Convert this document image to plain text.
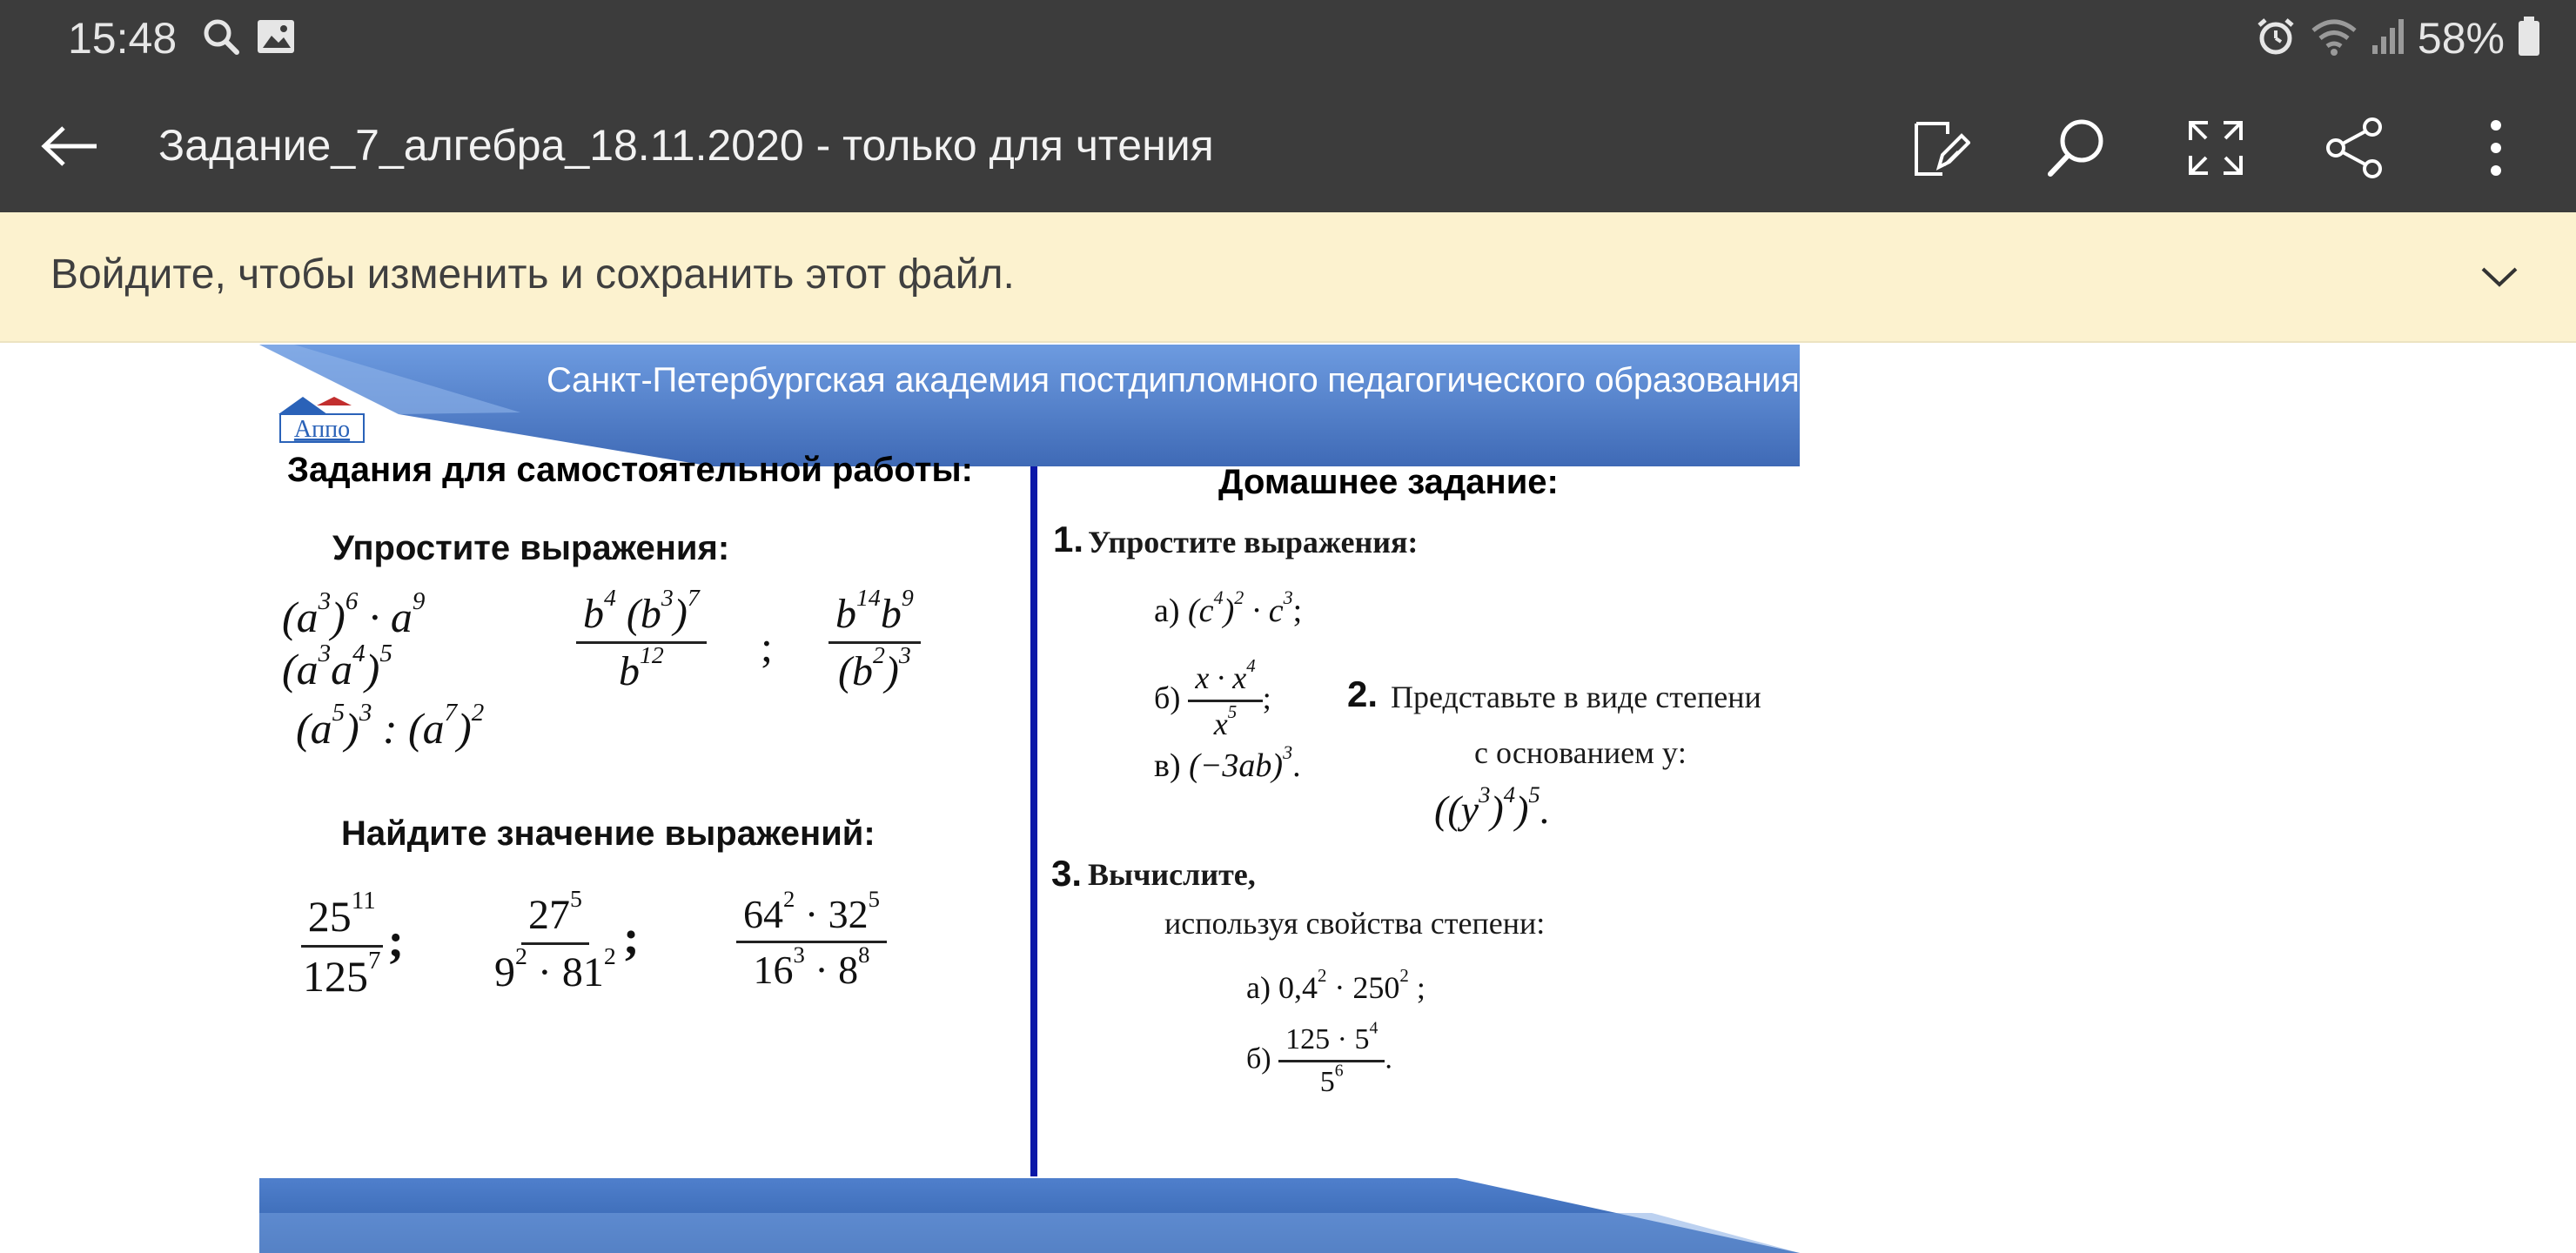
15:48	58%
Задание_7_алгебра_18.11.2020 - только для чтения
Войдите, чтобы изменить и сохранить этот файл.
Санкт-Петербургская академия постдипломного педагогического образования
Аппо
Задания для самостоятельной работы:
Упростите выражения:
$(a^3)^6 \cdot a^9$
$(a^3a^4)^5$
$(a^5)^3$ : $(a^7)^2$
$\frac{b^4 (b^3)^7}{b^{12}}$ ; $\frac{b^{14}b^9}{(b^2)^3}$
Найдите значение выражений:
$\frac{25^{11}}{125^7}$ ; $\frac{27^5}{9^2 \cdot 81^2}$ ; $\frac{64^2 \cdot 32^5}{16^3 \cdot 8^8}$
Домашнее задание:
1. Упростите выражения:
а) $(c^4)^2 \cdot c^3$;
$б) \frac{x \cdot x^4}{x^5}$ ;
в) $(-3ab)^3$.
2. Представьте в виде степени
с основанием y:
$((y^3)^4)^5$.
3. Вычислите,
используя свойства степени:
а) $0,4^2 \cdot 250^2$ ;
$б) \frac{125 \cdot 5^4}{5^6}$ .
